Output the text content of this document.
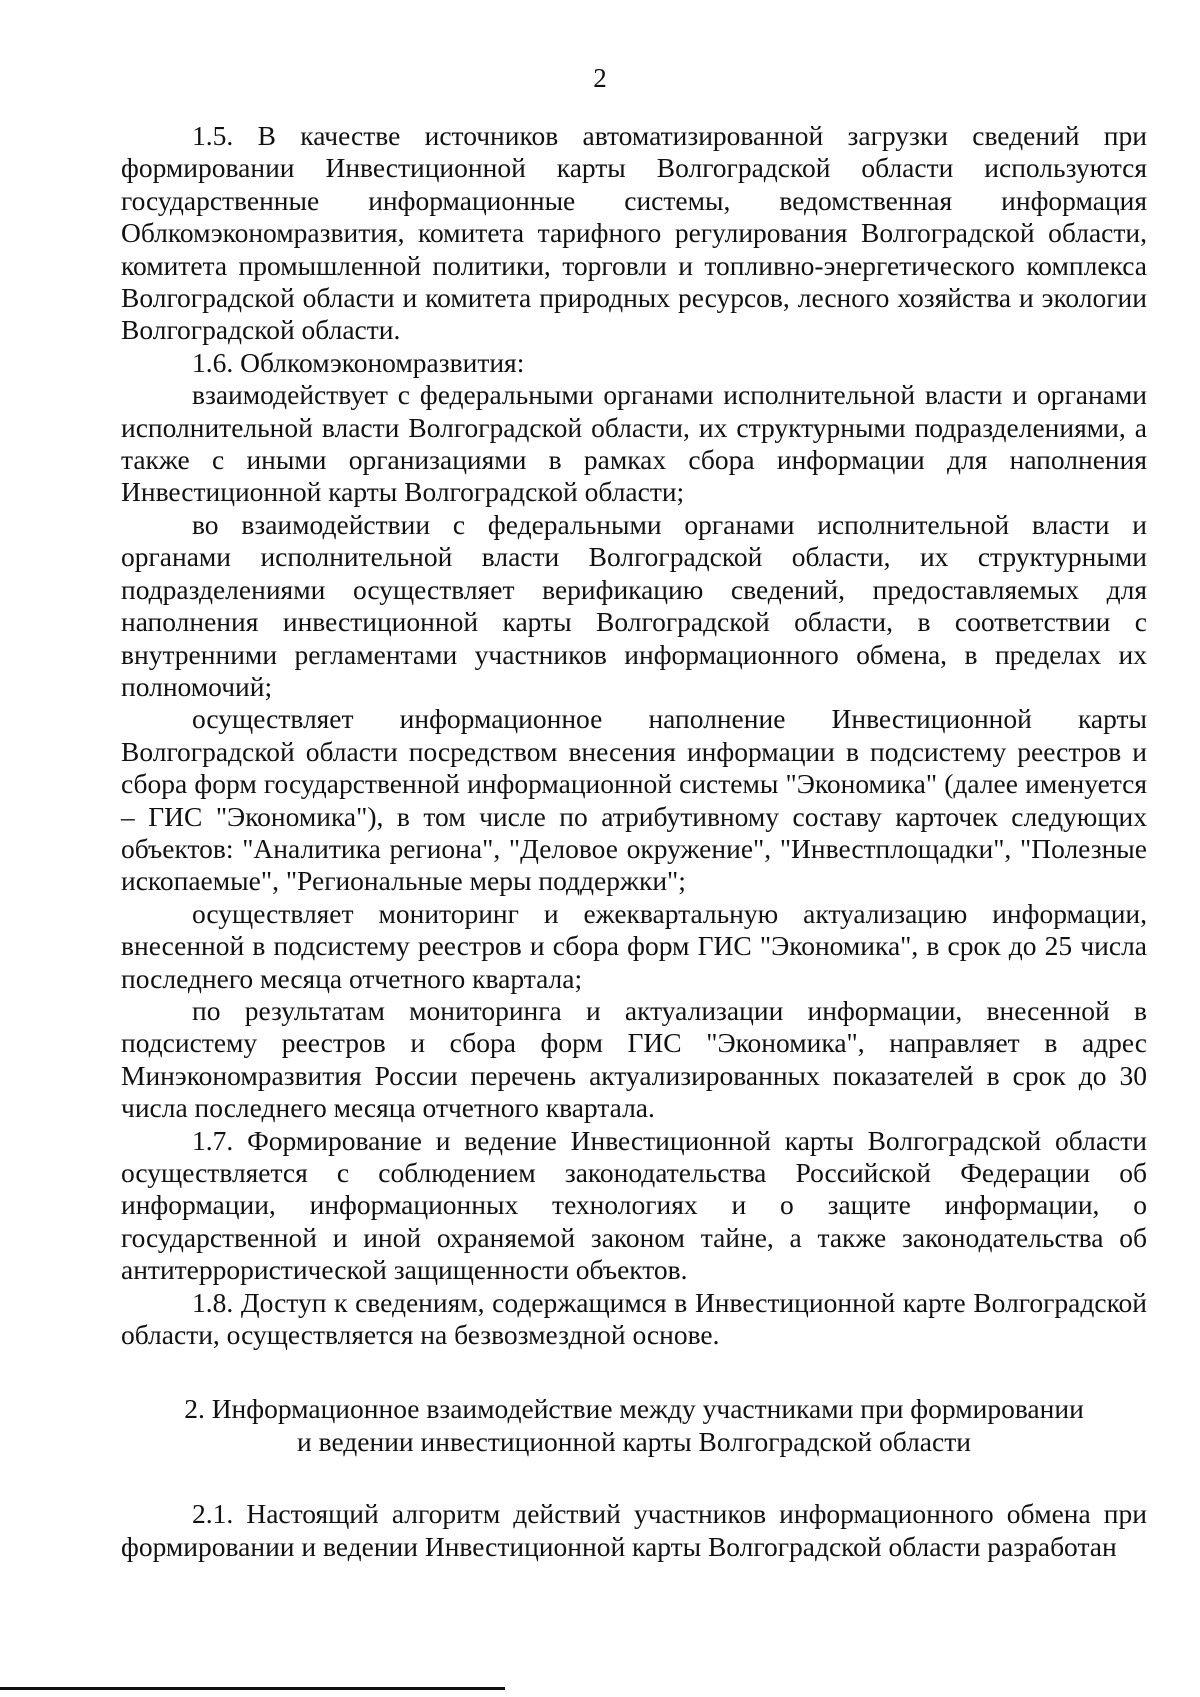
2

1.5. В качестве источников автоматизированной загрузки сведений при формировании Инвестиционной карты Волгоградской области используются государственные информационные системы, ведомственная информация Облкомэкономразвития, комитета тарифного регулирования Волгоградской области, комитета промышленной политики, торговли и топливно-энергетического комплекса Волгоградской области и комитета природных ресурсов, лесного хозяйства и экологии Волгоградской области.

1.6. Облкомэкономразвития:

взаимодействует с федеральными органами исполнительной власти и органами исполнительной власти Волгоградской области, их структурными подразделениями, а также с иными организациями в рамках сбора информации для наполнения Инвестиционной карты Волгоградской области;

во взаимодействии с федеральными органами исполнительной власти и органами исполнительной власти Волгоградской области, их структурными подразделениями осуществляет верификацию сведений, предоставляемых для наполнения инвестиционной карты Волгоградской области, в соответствии с внутренними регламентами участников информационного обмена, в пределах их полномочий;

осуществляет информационное наполнение Инвестиционной карты Волгоградской области посредством внесения информации в подсистему реестров и сбора форм государственной информационной системы "Экономика" (далее именуется – ГИС "Экономика"), в том числе по атрибутивному составу карточек следующих объектов: "Аналитика региона", "Деловое окружение", "Инвестплощадки", "Полезные ископаемые", "Региональные меры поддержки";

осуществляет мониторинг и ежеквартальную актуализацию информации, внесенной в подсистему реестров и сбора форм ГИС "Экономика", в срок до 25 числа последнего месяца отчетного квартала;

по результатам мониторинга и актуализации информации, внесенной в подсистему реестров и сбора форм ГИС "Экономика", направляет в адрес Минэкономразвития России перечень актуализированных показателей в срок до 30 числа последнего месяца отчетного квартала.

1.7. Формирование и ведение Инвестиционной карты Волгоградской области осуществляется с соблюдением законодательства Российской Федерации об информации, информационных технологиях и о защите информации, о государственной и иной охраняемой законом тайне, а также законодательства об антитеррористической защищенности объектов.

1.8. Доступ к сведениям, содержащимся в Инвестиционной карте Волгоградской области, осуществляется на безвозмездной основе.

2. Информационное взаимодействие между участниками при формировании
и ведении инвестиционной карты Волгоградской области

2.1. Настоящий алгоритм действий участников информационного обмена при формировании и ведении Инвестиционной карты Волгоградской области разработан
